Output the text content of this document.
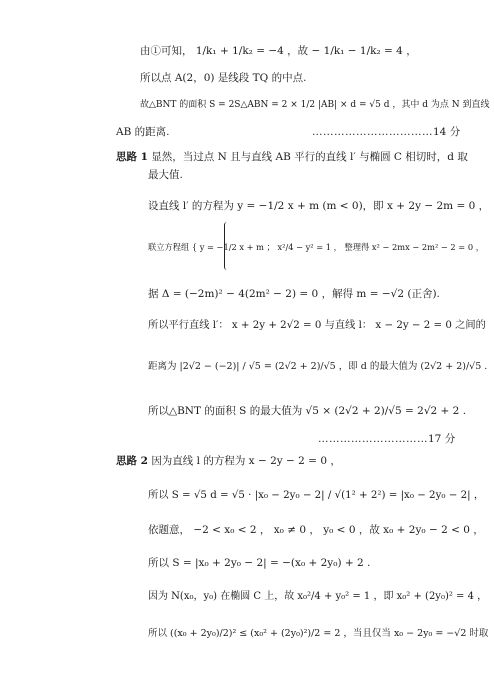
由①可知， 1/k₁ + 1/k₂ = −4 ，故 − 1/k₁ − 1/k₂ = 4 ，
所以点 A(2，0) 是线段 TQ 的中点.
故△BNT 的面积 S = 2S△ABN = 2 × 1/2 |AB| × d = √5 d ，其中 d 为点 N 到直线
AB 的距离.	……………………………14 分
思路 1 显然，当过点 N 且与直线 AB 平行的直线 l′ 与椭圆 C 相切时，d 取
最大值.
设直线 l′ 的方程为 y = −1/2 x + m (m < 0)，即 x + 2y − 2m = 0 ，
联立方程组 { y = −1/2 x + m ； x²/4 − y² = 1 ， 整理得 x² − 2mx − 2m² − 2 = 0 ，
据 Δ = (−2m)² − 4(2m² − 2) = 0 ，解得 m = −√2 (正舍).
所以平行直线 l′： x + 2y + 2√2 = 0 与直线 l： x − 2y − 2 = 0 之间的
距离为 |2√2 − (−2)| / √5 = (2√2 + 2)/√5 ，即 d 的最大值为 (2√2 + 2)/√5 .
所以△BNT 的面积 S 的最大值为 √5 × (2√2 + 2)/√5 = 2√2 + 2 .
…………………………17 分
思路 2 因为直线 l 的方程为 x − 2y − 2 = 0 ，
所以 S = √5 d = √5 · |x₀ − 2y₀ − 2| / √(1² + 2²) = |x₀ − 2y₀ − 2| ，
依题意， −2 < x₀ < 2 ， x₀ ≠ 0 ， y₀ < 0 ，故 x₀ + 2y₀ − 2 < 0 ，
所以 S = |x₀ + 2y₀ − 2| = −(x₀ + 2y₀) + 2 .
因为 N(x₀，y₀) 在椭圆 C 上，故 x₀²/4 + y₀² = 1 ，即 x₀² + (2y₀)² = 4 ，
所以 ((x₀ + 2y₀)/2)² ≤ (x₀² + (2y₀)²)/2 = 2 ，当且仅当 x₀ − 2y₀ = −√2 时取
